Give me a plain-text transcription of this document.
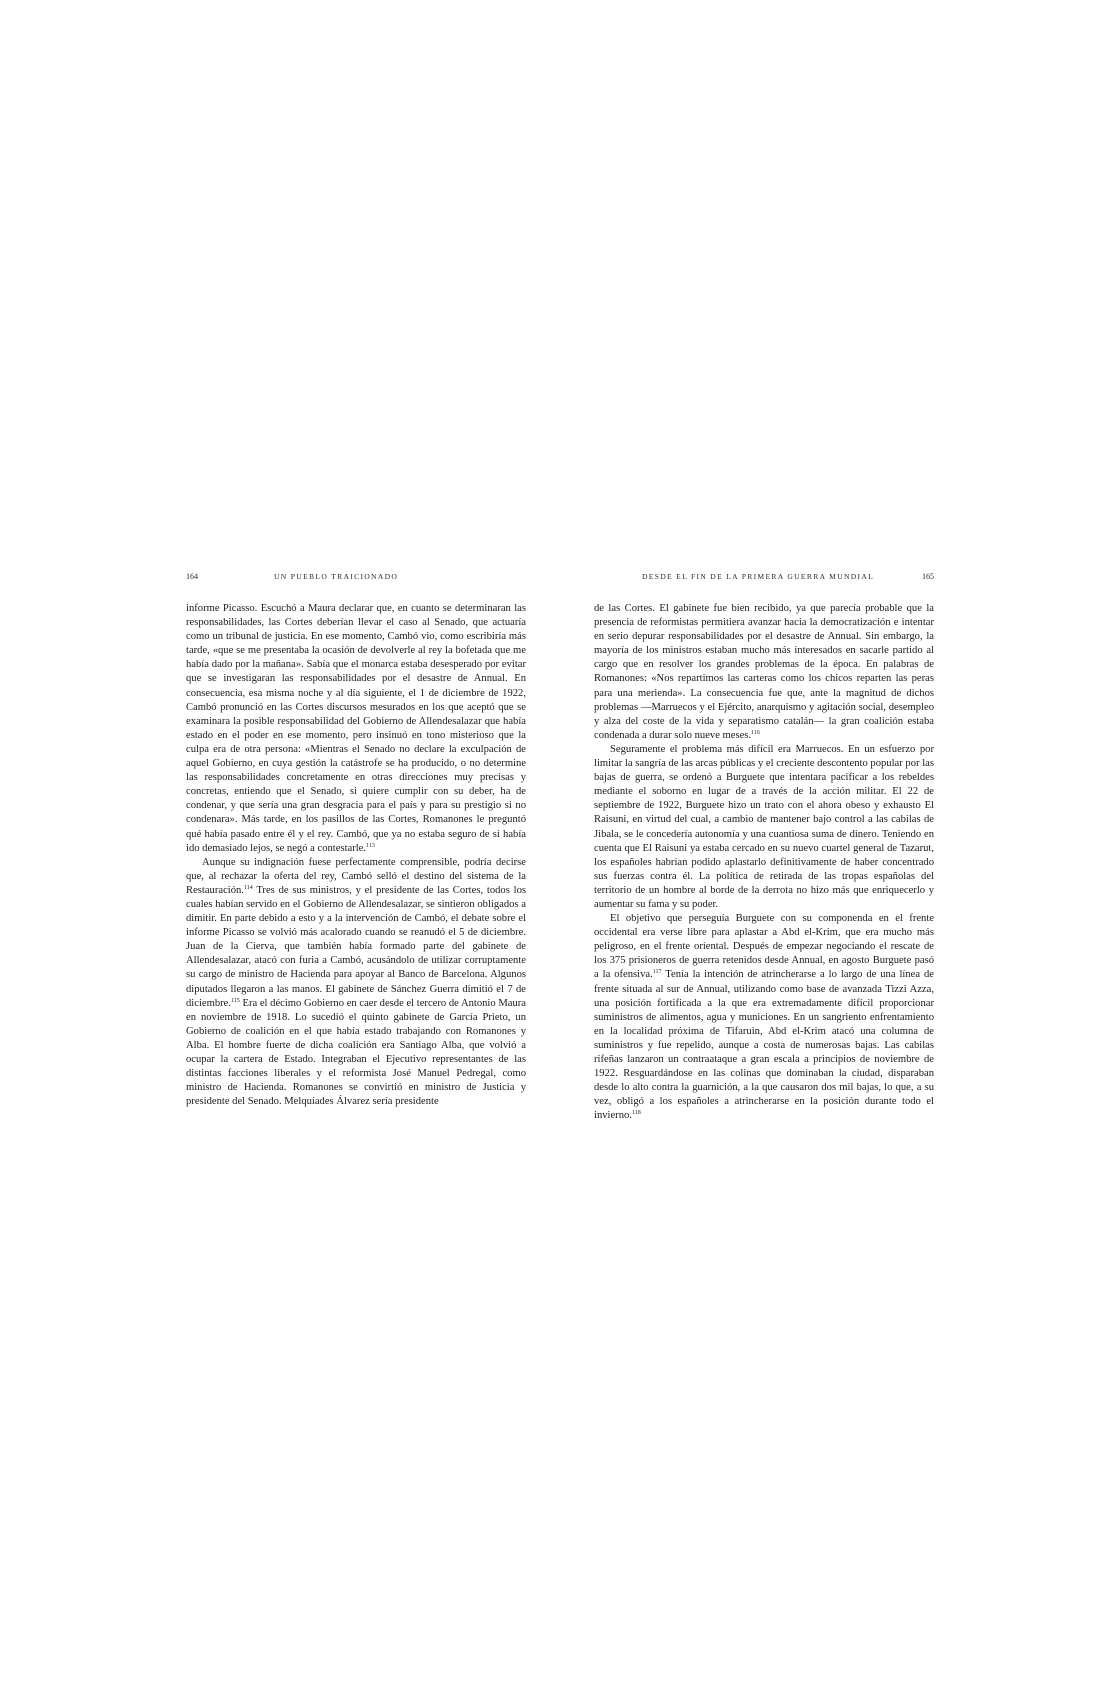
164	UN PUEBLO TRAICIONADO

informe Picasso. Escuchó a Maura declarar que, en cuanto se determinaran las responsabilidades, las Cortes deberían llevar el caso al Senado, que actuaría como un tribunal de justicia. En ese momento, Cambó vio, como escribiría más tarde, «que se me presentaba la ocasión de devolverle al rey la bofetada que me había dado por la mañana». Sabía que el monarca estaba desesperado por evitar que se investigaran las responsabilidades por el desastre de Annual. En consecuencia, esa misma noche y al día siguiente, el 1 de diciembre de 1922, Cambó pronunció en las Cortes discursos mesurados en los que aceptó que se examinara la posible responsabilidad del Gobierno de Allendesalazar que había estado en el poder en ese momento, pero insinuó en tono misterioso que la culpa era de otra persona: «Mientras el Senado no declare la exculpación de aquel Gobierno, en cuya gestión la catástrofe se ha producido, o no determine las responsabilidades concretamente en otras direcciones muy precisas y concretas, entiendo que el Senado, si quiere cumplir con su deber, ha de condenar, y que sería una gran desgracia para el país y para su prestigio si no condenara». Más tarde, en los pasillos de las Cortes, Romanones le preguntó qué había pasado entre él y el rey. Cambó, que ya no estaba seguro de si había ido demasiado lejos, se negó a contestarle.$^{113}$

Aunque su indignación fuese perfectamente comprensible, podría decirse que, al rechazar la oferta del rey, Cambó selló el destino del sistema de la Restauración.$^{114}$ Tres de sus ministros, y el presidente de las Cortes, todos los cuales habían servido en el Gobierno de Allendesalazar, se sintieron obligados a dimitir. En parte debido a esto y a la intervención de Cambó, el debate sobre el informe Picasso se volvió más acalorado cuando se reanudó el 5 de diciembre. Juan de la Cierva, que también había formado parte del gabinete de Allendesalazar, atacó con furia a Cambó, acusándolo de utilizar corruptamente su cargo de ministro de Hacienda para apoyar al Banco de Barcelona. Algunos diputados llegaron a las manos. El gabinete de Sánchez Guerra dimitió el 7 de diciembre.$^{115}$ Era el décimo Gobierno en caer desde el tercero de Antonio Maura en noviembre de 1918. Lo sucedió el quinto gabinete de García Prieto, un Gobierno de coalición en el que había estado trabajando con Romanones y Alba. El hombre fuerte de dicha coalición era Santiago Alba, que volvió a ocupar la cartera de Estado. Integraban el Ejecutivo representantes de las distintas facciones liberales y el reformista José Manuel Pedregal, como ministro de Hacienda. Romanones se convirtió en ministro de Justicia y presidente del Senado. Melquíades Álvarez sería presidente

DESDE EL FIN DE LA PRIMERA GUERRA MUNDIAL	165

de las Cortes. El gabinete fue bien recibido, ya que parecía probable que la presencia de reformistas permitiera avanzar hacia la democratización e intentar en serio depurar responsabilidades por el desastre de Annual. Sin embargo, la mayoría de los ministros estaban mucho más interesados en sacarle partido al cargo que en resolver los grandes problemas de la época. En palabras de Romanones: «Nos repartimos las carteras como los chicos reparten las peras para una merienda». La consecuencia fue que, ante la magnitud de dichos problemas —Marruecos y el Ejército, anarquismo y agitación social, desempleo y alza del coste de la vida y separatismo catalán— la gran coalición estaba condenada a durar solo nueve meses.$^{116}$

Seguramente el problema más difícil era Marruecos. En un esfuerzo por limitar la sangría de las arcas públicas y el creciente descontento popular por las bajas de guerra, se ordenó a Burguete que intentara pacificar a los rebeldes mediante el soborno en lugar de a través de la acción militar. El 22 de septiembre de 1922, Burguete hizo un trato con el ahora obeso y exhausto El Raisuni, en virtud del cual, a cambio de mantener bajo control a las cabilas de Jibala, se le concedería autonomía y una cuantiosa suma de dinero. Teniendo en cuenta que El Raisuni ya estaba cercado en su nuevo cuartel general de Tazarut, los españoles habrían podido aplastarlo definitivamente de haber concentrado sus fuerzas contra él. La política de retirada de las tropas españolas del territorio de un hombre al borde de la derrota no hizo más que enriquecerlo y aumentar su fama y su poder.

El objetivo que perseguía Burguete con su componenda en el frente occidental era verse libre para aplastar a Abd el-Krim, que era mucho más peligroso, en el frente oriental. Después de empezar negociando el rescate de los 375 prisioneros de guerra retenidos desde Annual, en agosto Burguete pasó a la ofensiva.$^{117}$ Tenía la intención de atrincherarse a lo largo de una línea de frente situada al sur de Annual, utilizando como base de avanzada Tizzi Azza, una posición fortificada a la que era extremadamente difícil proporcionar suministros de alimentos, agua y municiones. En un sangriento enfrentamiento en la localidad próxima de Tifaruin, Abd el-Krim atacó una columna de suministros y fue repelido, aunque a costa de numerosas bajas. Las cabilas rifeñas lanzaron un contraataque a gran escala a principios de noviembre de 1922. Resguardándose en las colinas que dominaban la ciudad, disparaban desde lo alto contra la guarnición, a la que causaron dos mil bajas, lo que, a su vez, obligó a los españoles a atrincherarse en la posición durante todo el invierno.$^{118}$
